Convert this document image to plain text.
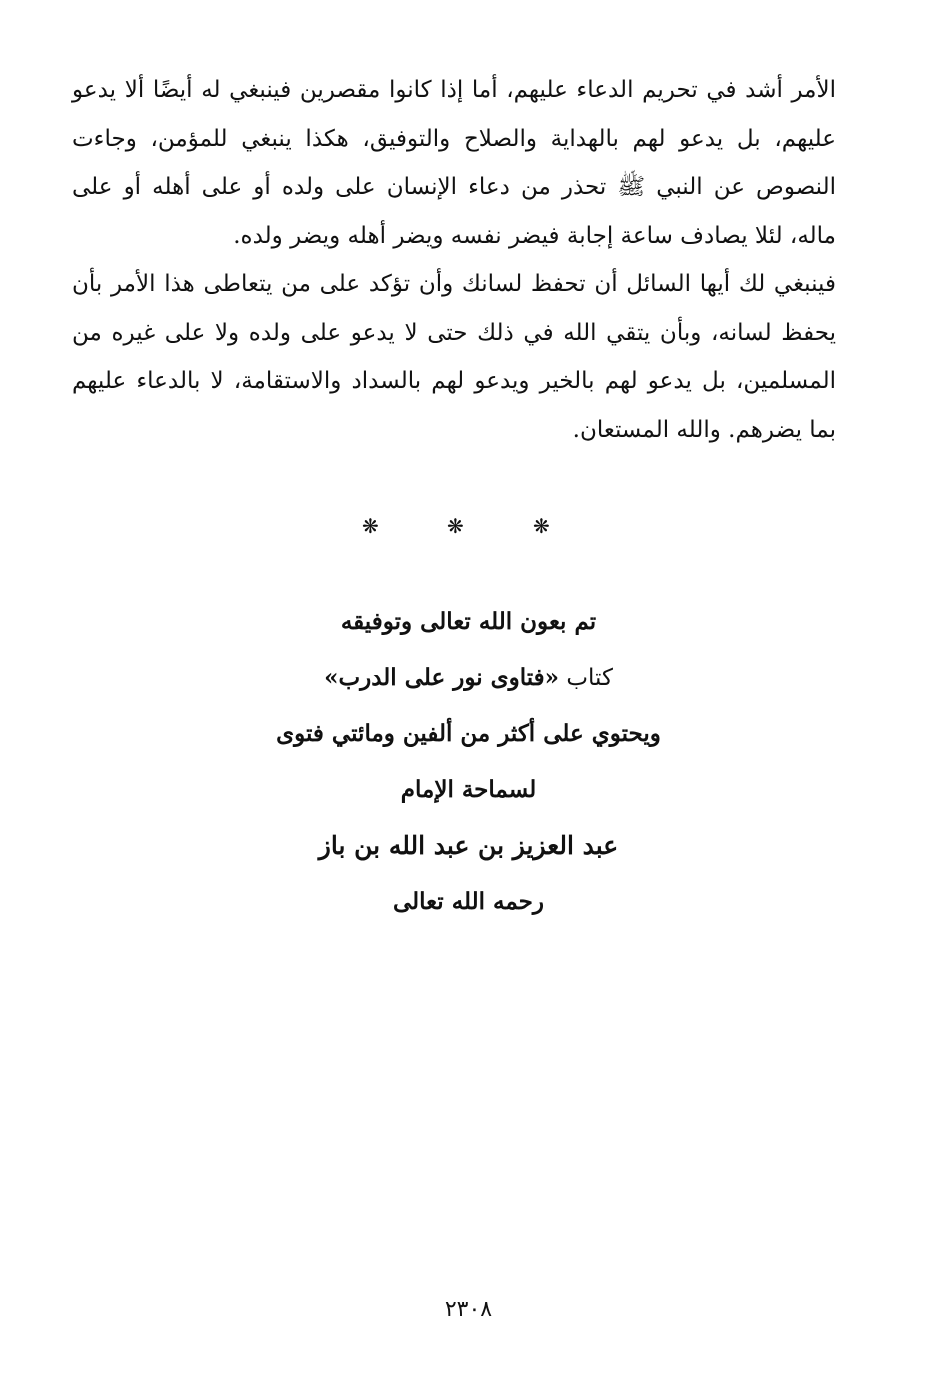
الأمر أشد في تحريم الدعاء عليهم، أما إذا كانوا مقصرين فينبغي له أيضًا ألا يدعو عليهم، بل يدعو لهم بالهداية والصلاح والتوفيق، هكذا ينبغي للمؤمن، وجاءت النصوص عن النبي ﷺ تحذر من دعاء الإنسان على ولده أو على أهله أو على ماله، لئلا يصادف ساعة إجابة فيضر نفسه ويضر أهله ويضر ولده.

فينبغي لك أيها السائل أن تحفظ لسانك وأن تؤكد على من يتعاطى هذا الأمر بأن يحفظ لسانه، وبأن يتقي الله في ذلك حتى لا يدعو على ولده ولا على غيره من المسلمين، بل يدعو لهم بالخير ويدعو لهم بالسداد والاستقامة، لا بالدعاء عليهم بما يضرهم. والله المستعان.

❋	❋	❋
تم بعون الله تعالى وتوفيقه
كتاب «فتاوى نور على الدرب»
ويحتوي على أكثر من ألفين ومائتي فتوى
لسماحة الإمام
عبد العزيز بن عبد الله بن باز
رحمه الله تعالى
٢٣٠٨
